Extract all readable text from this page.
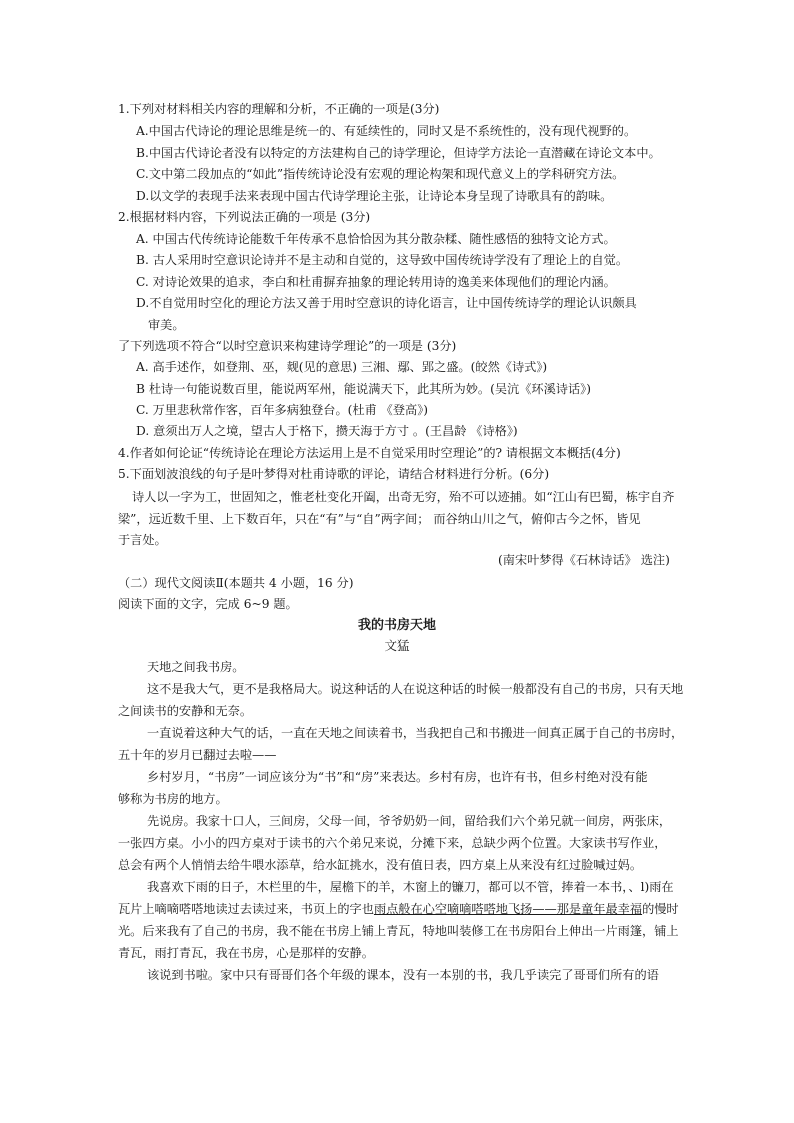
1.下列对材料相关内容的理解和分析，不正确的一项是(3分)
A.中国古代诗论的理论思维是统一的、有延续性的，同时又是不系统性的，没有现代视野的。
B.中国古代诗论者没有以特定的方法建构自己的诗学理论，但诗学方法论一直潜藏在诗论文本中。
C.文中第二段加点的“如此”指传统诗论没有宏观的理论构架和现代意义上的学科研究方法。
D.以文学的表现手法来表现中国古代诗学理论主张，让诗论本身呈现了诗歌具有的韵味。
2.根据材料内容，下列说法正确的一项是 (3分)
A. 中国古代传统诗论能数千年传承不息恰恰因为其分散杂糅、随性感悟的独特文论方式。
B. 古人采用时空意识论诗并不是主动和自觉的，这导致中国传统诗学没有了理论上的自觉。
C. 对诗论效果的追求，李白和杜甫摒弃抽象的理论转用诗的逸美来体现他们的理论内涵。
D.不自觉用时空化的理论方法又善于用时空意识的诗化语言，让中国传统诗学的理论认识颇具
审美。
了下列选项不符合“以时空意识来构建诗学理论”的一项是 (3分)
A. 高手述作，如登荆、巫，觌(见的意思) 三湘、鄢、郢之盛。(皎然《诗式》)
B 杜诗一句能说数百里，能说两军州，能说满天下，此其所为妙。(吴沆《环溪诗话》)
C. 万里悲秋常作客，百年多病独登台。(杜甫 《登高》)
D. 意须出万人之境，望古人于格下，攒天海于方寸 。(王昌龄 《诗格》)
4.作者如何论证“传统诗论在理论方法运用上是不自觉采用时空理论”的? 请根据文本概括(4分)
5.下面划波浪线的句子是叶梦得对杜甫诗歌的评论，请结合材料进行分析。(6分)
诗人以一字为工，世固知之，惟老杜变化开阖，出奇无穷，殆不可以迹捕。如“江山有巴蜀，栋宇自齐
梁”，远近数千里、上下数百年，只在“有”与“自”两字间； 而谷纳山川之气，俯仰古今之怀，皆见
于言处。
(南宋叶梦得《石林诗话》 选注)
（二）现代文阅读Ⅱ(本题共 4 小题，16 分)
阅读下面的文字，完成 6~9 题。
我的书房天地
文猛
天地之间我书房。
这不是我大气，更不是我格局大。说这种话的人在说这种话的时候一般都没有自己的书房，只有天地
之间读书的安静和无奈。
一直说着这种大气的话，一直在天地之间读着书，当我把自己和书搬进一间真正属于自己的书房时，
五十年的岁月已翻过去啦——
乡村岁月，“书房”一词应该分为“书”和“房”来表达。乡村有房，也许有书，但乡村绝对没有能
够称为书房的地方。
先说房。我家十口人，三间房，父母一间，爷爷奶奶一间，留给我们六个弟兄就一间房，两张床，
一张四方桌。小小的四方桌对于读书的六个弟兄来说，分摊下来，总缺少两个位置。大家读书写作业，
总会有两个人悄悄去给牛喂水添草，给水缸挑水，没有值日表，四方桌上从来没有红过脸喊过妈。
我喜欢下雨的日子，木栏里的牛，屋檐下的羊，木窗上的镰刀，都可以不管，捧着一本书，、l)雨在
瓦片上嘀嘀嗒嗒地读过去读过来，书页上的字也雨点般在心空嘀嘀嗒嗒地飞扬——那是童年最幸福的慢时
光。后来我有了自己的书房，我不能在书房上铺上青瓦，特地叫装修工在书房阳台上伸出一片雨篷，铺上
青瓦，雨打青瓦，我在书房，心是那样的安静。
该说到书啦。家中只有哥哥们各个年级的课本，没有一本别的书，我几乎读完了哥哥们所有的语
